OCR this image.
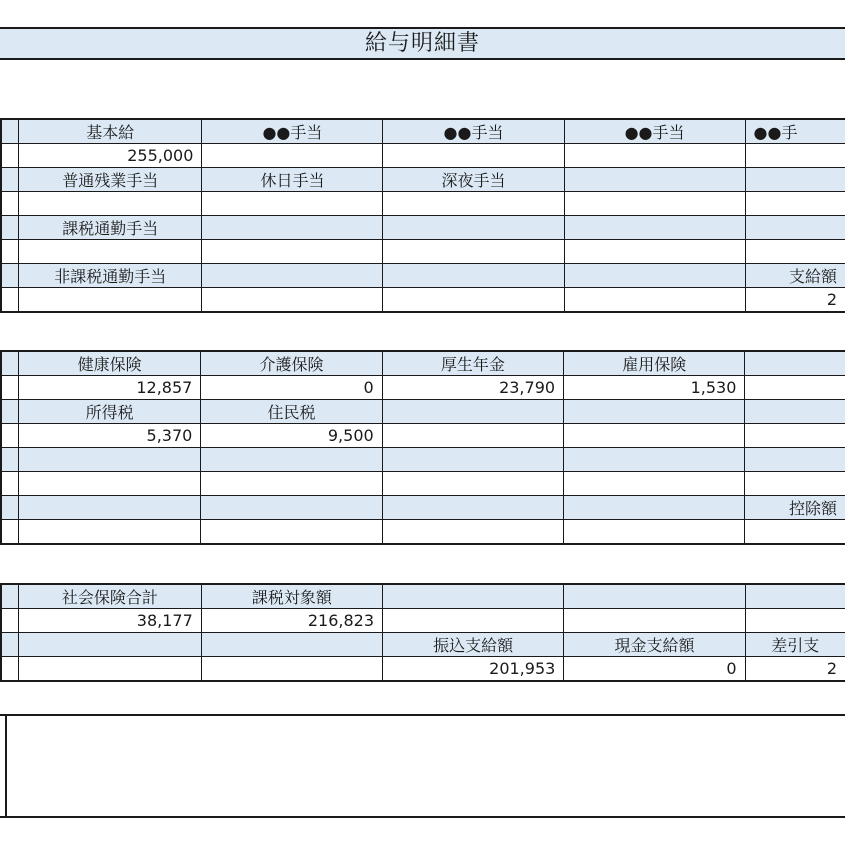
給与明細書
	基本給	●●手当	●●手当	●●手当	●●手
	255,000				
	普通残業手当	休日手当	深夜手当		

	課税通勤手当				

	非課税通勤手当				支給額
					2
	健康保険	介護保険	厚生年金	雇用保険	
	12,857	0	23,790	1,530	
	所得税	住民税			
	5,370	9,500			

					控除額

	社会保険合計	課税対象額			
	38,177	216,823			
			振込支給額	現金支給額	差引支
			201,953	0	2
